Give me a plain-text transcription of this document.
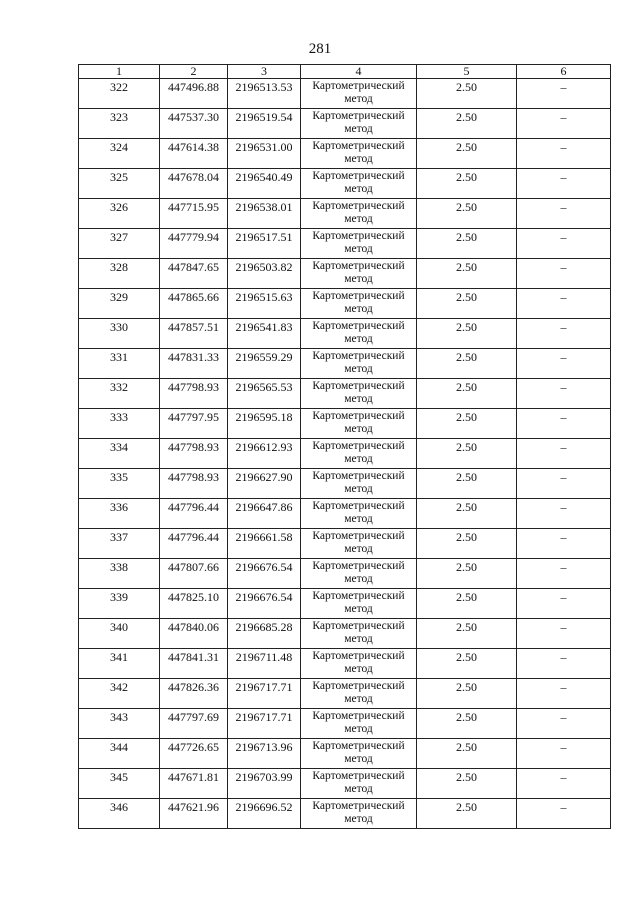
281
1	2	3	4	5	6
322	447496.88	2196513.53	Картометрический метод	2.50	–
323	447537.30	2196519.54	Картометрический метод	2.50	–
324	447614.38	2196531.00	Картометрический метод	2.50	–
325	447678.04	2196540.49	Картометрический метод	2.50	–
326	447715.95	2196538.01	Картометрический метод	2.50	–
327	447779.94	2196517.51	Картометрический метод	2.50	–
328	447847.65	2196503.82	Картометрический метод	2.50	–
329	447865.66	2196515.63	Картометрический метод	2.50	–
330	447857.51	2196541.83	Картометрический метод	2.50	–
331	447831.33	2196559.29	Картометрический метод	2.50	–
332	447798.93	2196565.53	Картометрический метод	2.50	–
333	447797.95	2196595.18	Картометрический метод	2.50	–
334	447798.93	2196612.93	Картометрический метод	2.50	–
335	447798.93	2196627.90	Картометрический метод	2.50	–
336	447796.44	2196647.86	Картометрический метод	2.50	–
337	447796.44	2196661.58	Картометрический метод	2.50	–
338	447807.66	2196676.54	Картометрический метод	2.50	–
339	447825.10	2196676.54	Картометрический метод	2.50	–
340	447840.06	2196685.28	Картометрический метод	2.50	–
341	447841.31	2196711.48	Картометрический метод	2.50	–
342	447826.36	2196717.71	Картометрический метод	2.50	–
343	447797.69	2196717.71	Картометрический метод	2.50	–
344	447726.65	2196713.96	Картометрический метод	2.50	–
345	447671.81	2196703.99	Картометрический метод	2.50	–
346	447621.96	2196696.52	Картометрический метод	2.50	–
